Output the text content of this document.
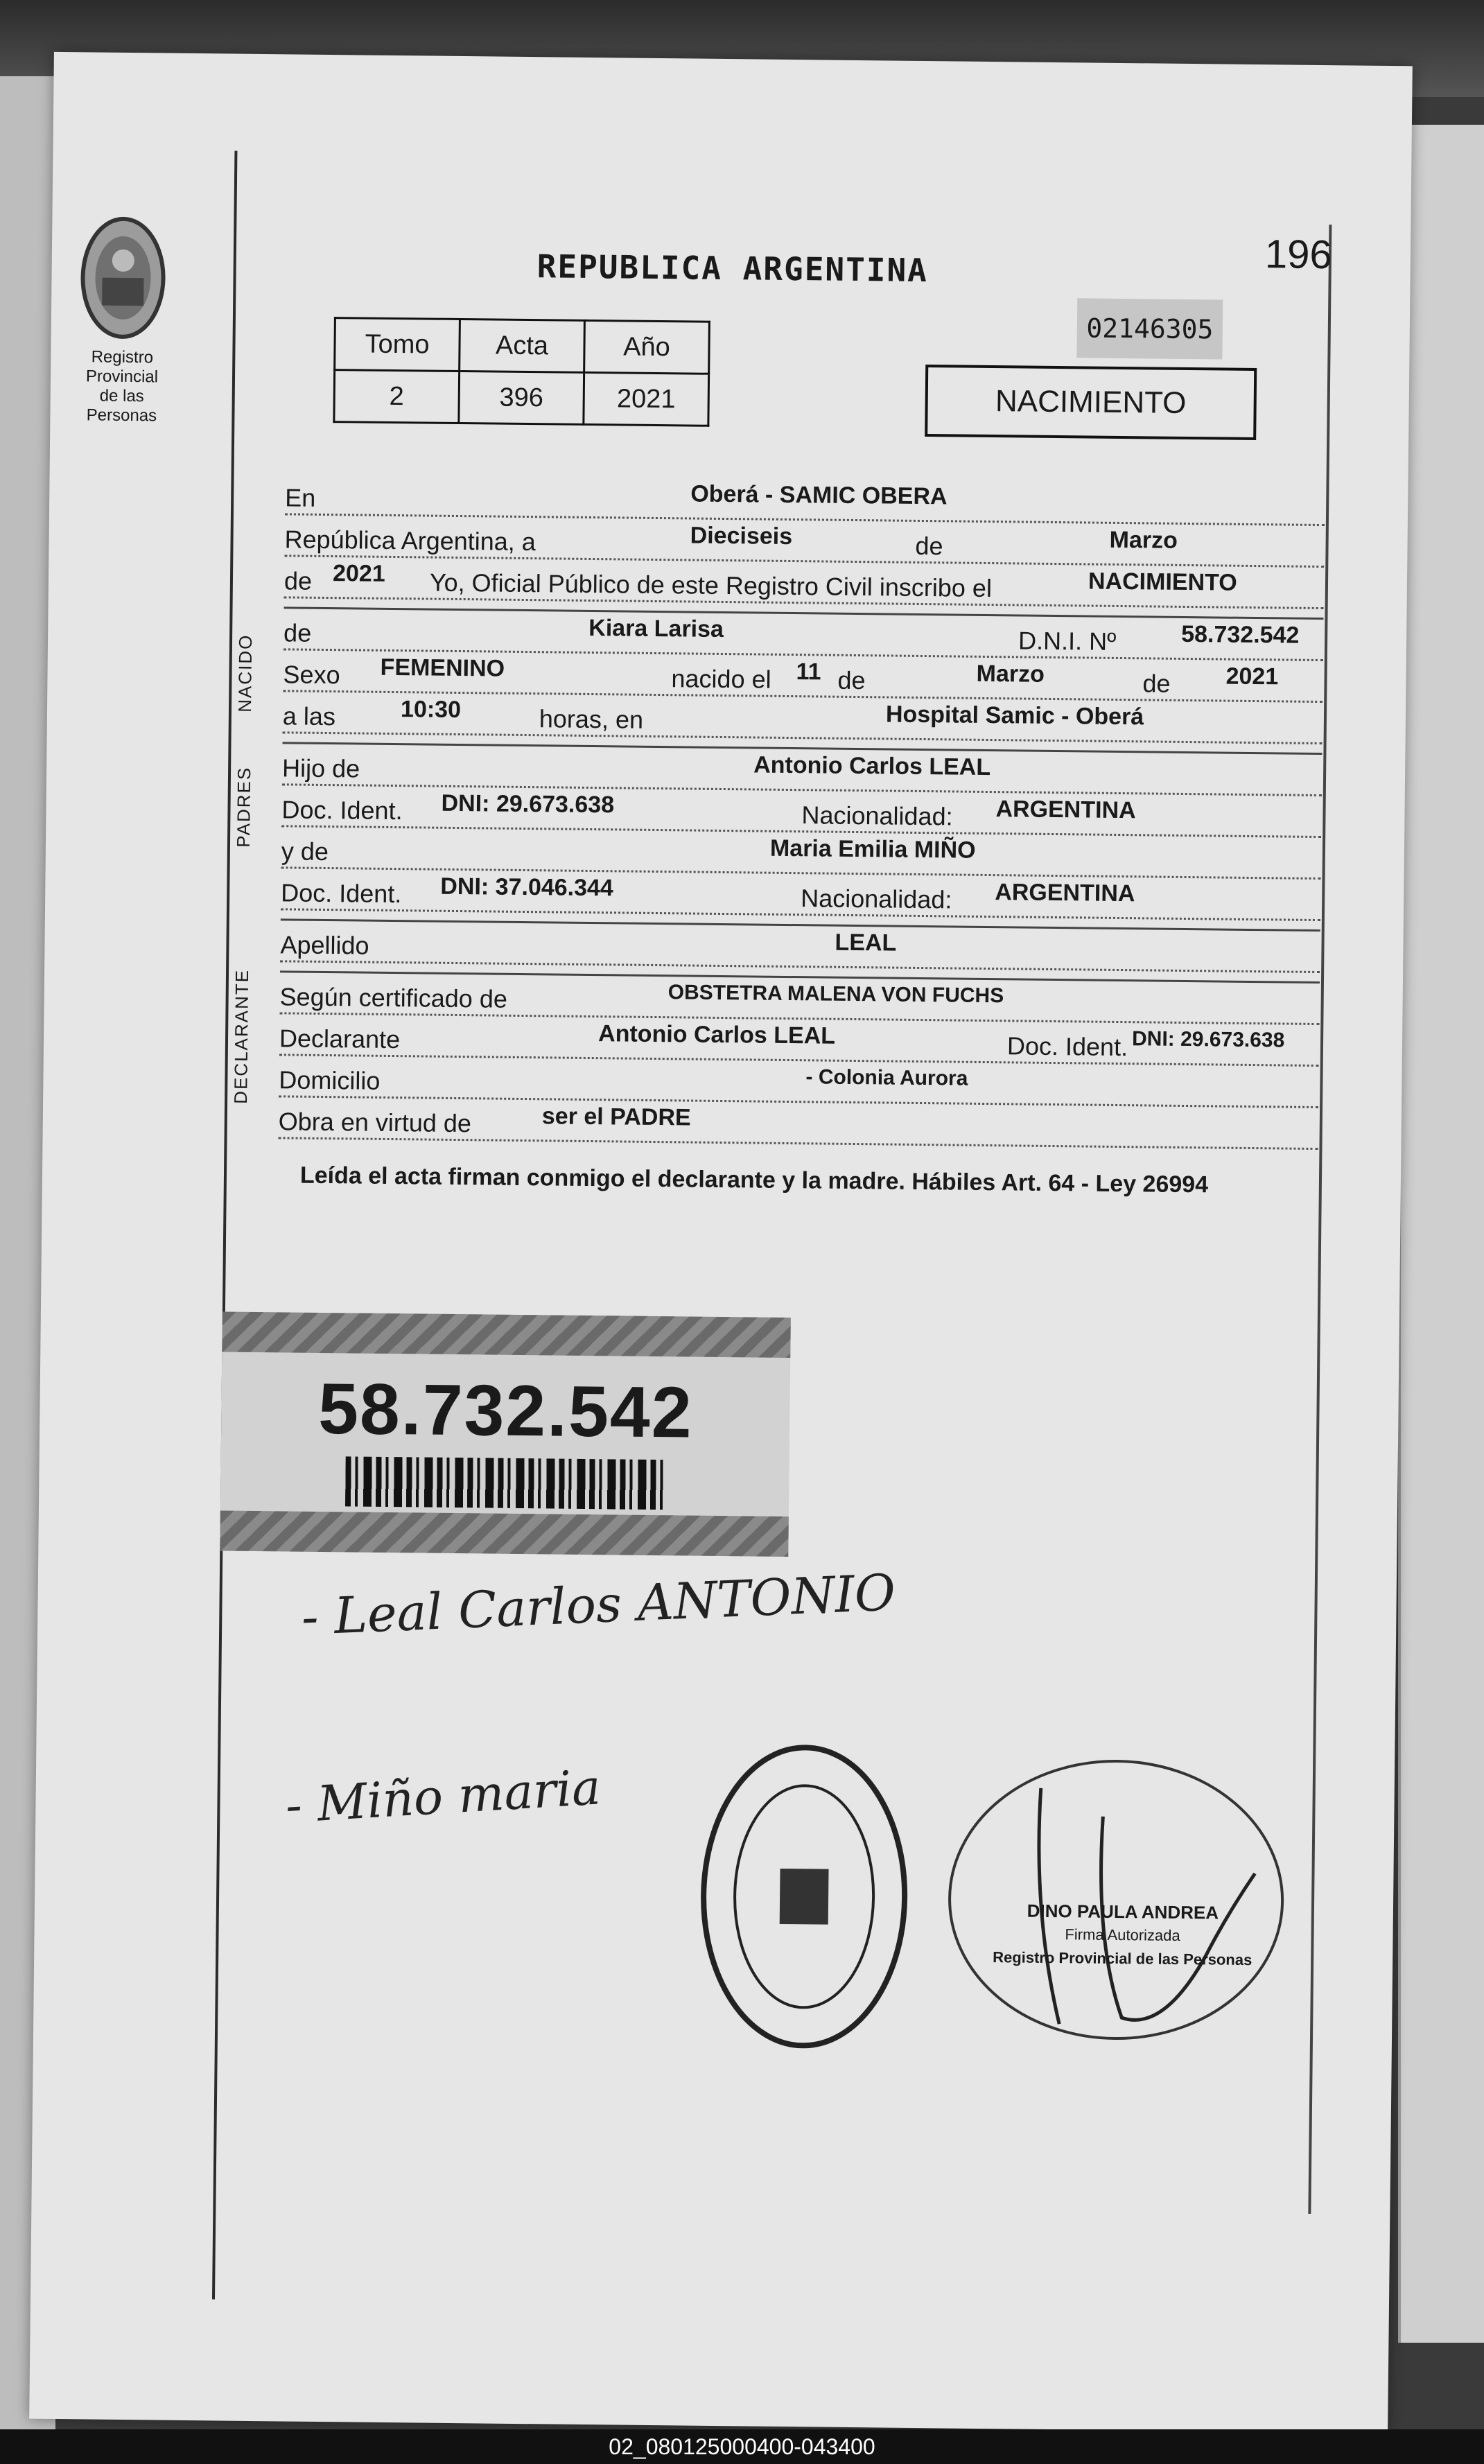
Registro Provincial
de las Personas
196
REPUBLICA ARGENTINA
02146305
Tomo	Acta	Año
2	396	2021	NACIMIENTO
En	Oberá - SAMIC OBERA
República Argentina, a	Dieciseis	de	Marzo
de 2021 Yo, Oficial Público de este Registro Civil inscribo el	NACIMIENTO
NACIDO
de	Kiara Larisa	D.N.I. Nº	58.732.542
Sexo FEMENINO	nacido el 11 de	Marzo	de 2021
a las	10:30	horas, en	Hospital Samic - Oberá
PADRES Hijo de	Antonio Carlos LEAL
Doc. Ident. DNI: 29.673.638	Nacionalidad: ARGENTINA
y de	Maria Emilia MIÑO
Doc. Ident. DNI: 37.046.344	Nacionalidad: ARGENTINA
Apellido	LEAL
DECLARANTE Según certificado de	OBSTETRA MALENA VON FUCHS
Declarante	Antonio Carlos LEAL	Doc. Ident. DNI: 29.673.638
Domicilio	- Colonia Aurora
Obra en virtud de	ser el PADRE
Leída el acta firman conmigo el declarante y la madre. Hábiles Art. 64 - Ley 26994
58.732.542
- Leal Carlos ANTONIO
- Miño maria
DINO PAULA ANDREA
Firma Autorizada
Registro Provincial de las Personas
02_080125000400-043400
